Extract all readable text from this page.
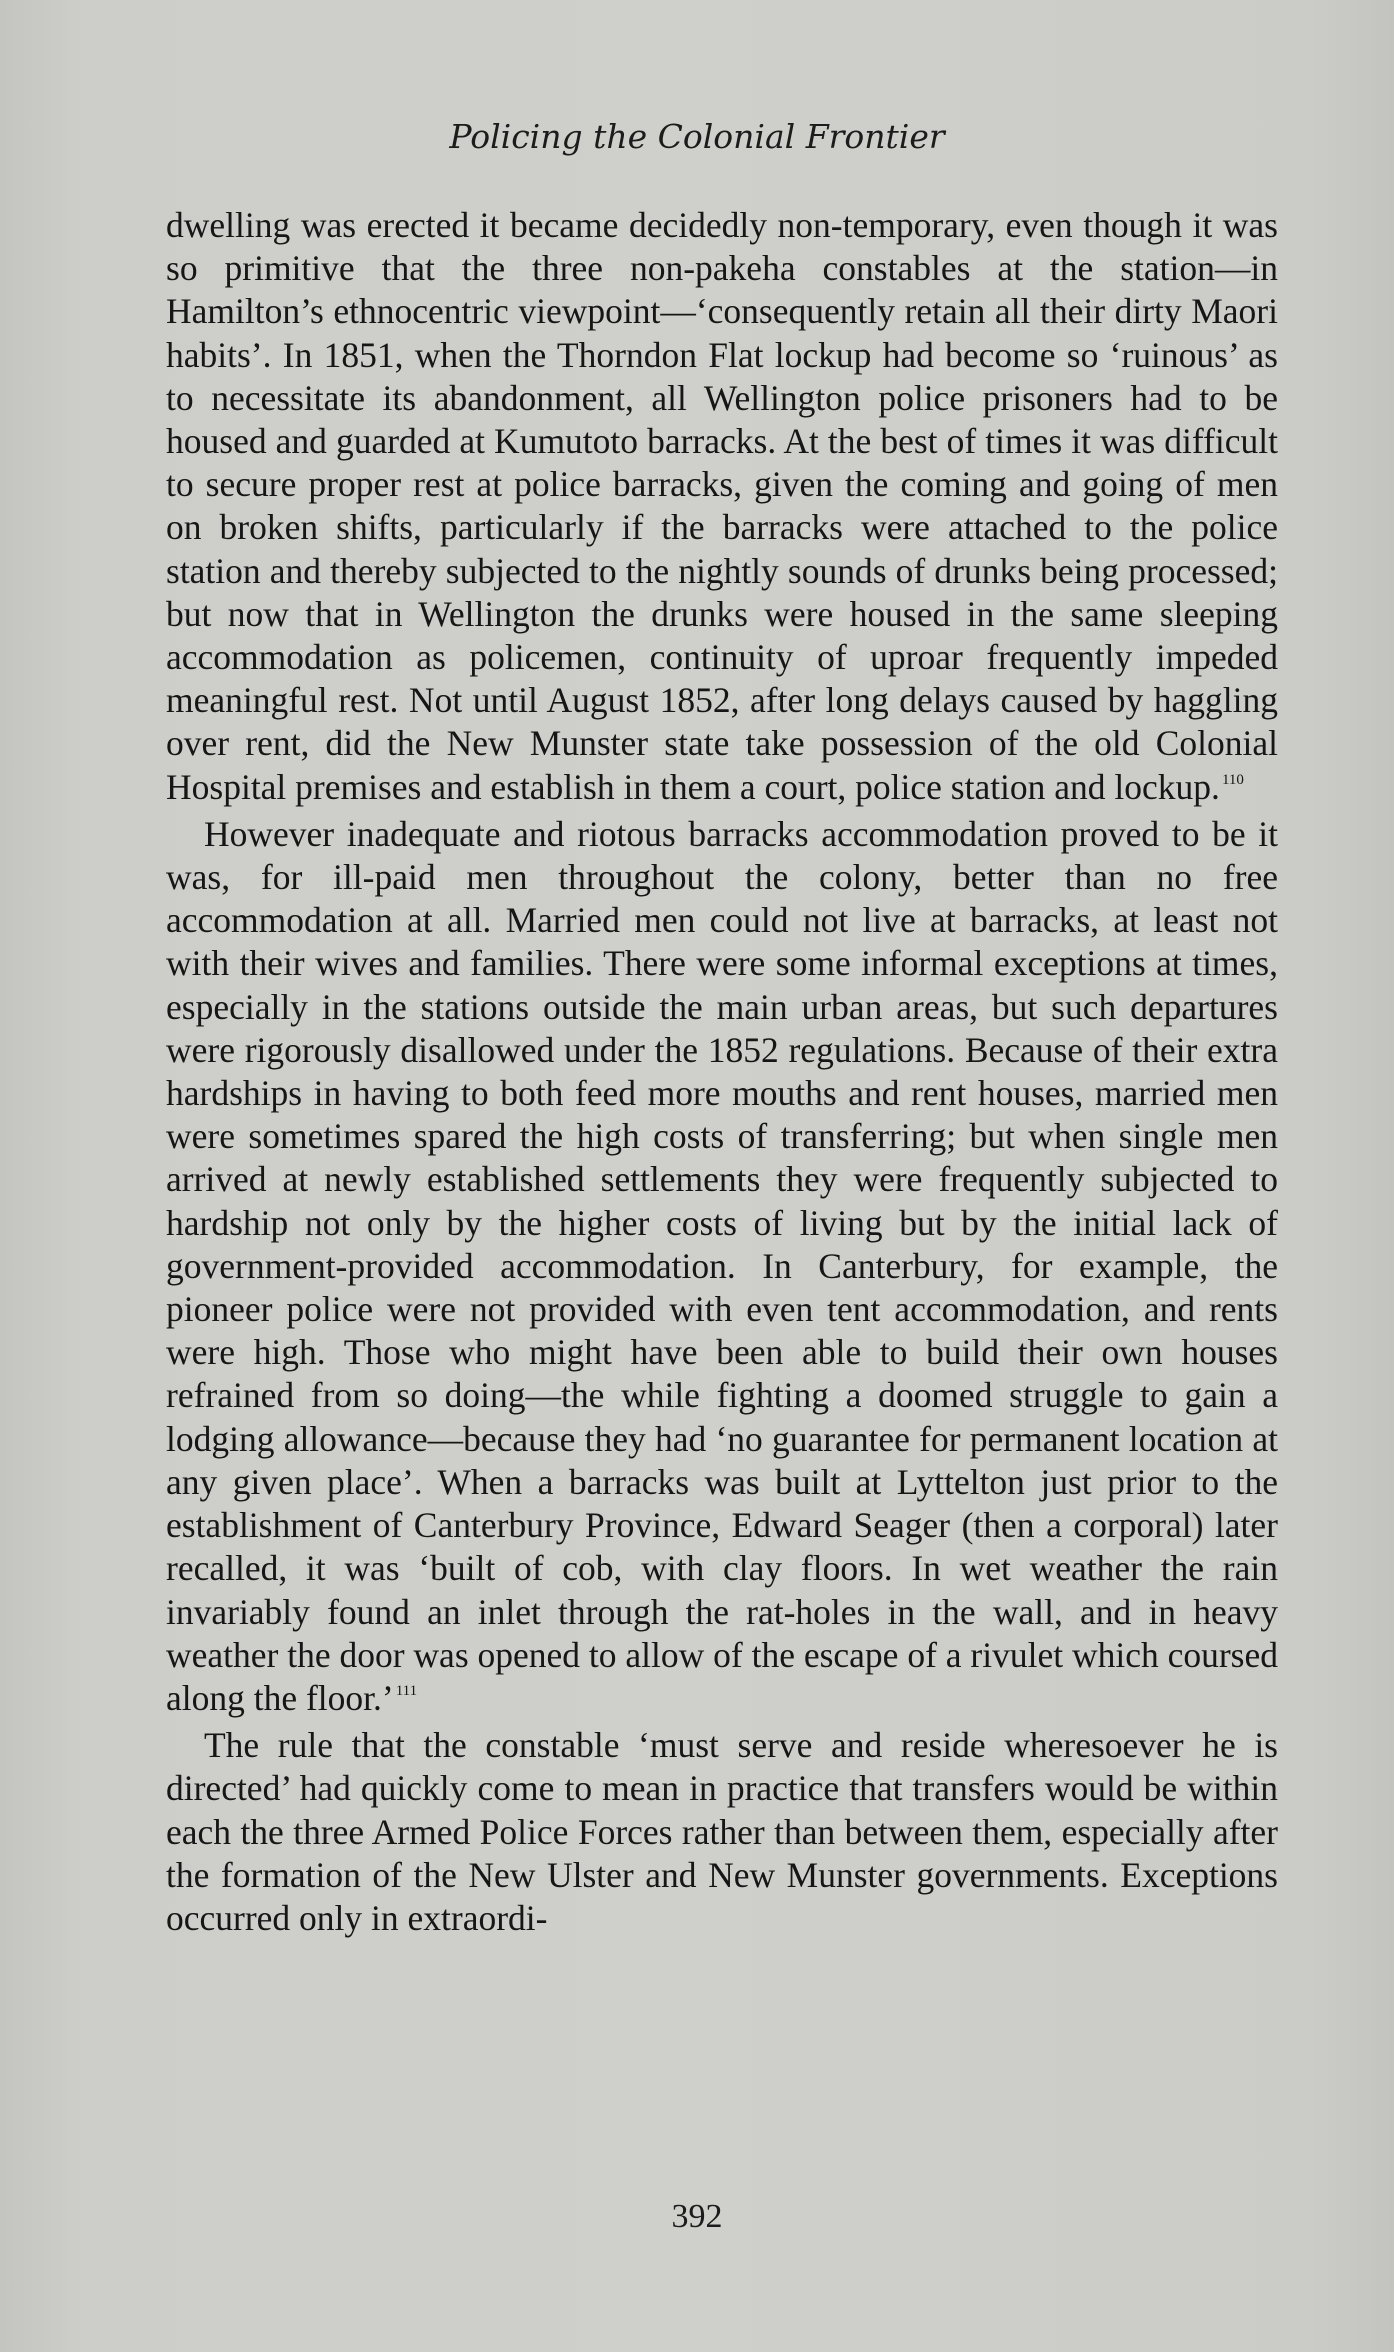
Policing the Colonial Frontier

dwelling was erected it became decidedly non-temporary, even though it was so primitive that the three non-pakeha constables at the station—in Hamilton’s ethnocentric viewpoint—‘consequently retain all their dirty Maori habits’. In 1851, when the Thorndon Flat lockup had become so ‘ruinous’ as to necessitate its abandonment, all Wellington police prisoners had to be housed and guarded at Kumutoto barracks. At the best of times it was difficult to secure proper rest at police barracks, given the coming and going of men on broken shifts, particularly if the barracks were attached to the police station and thereby subjected to the nightly sounds of drunks being processed; but now that in Wellington the drunks were housed in the same sleeping accommodation as policemen, continuity of uproar frequently impeded meaningful rest. Not until August 1852, after long delays caused by haggling over rent, did the New Munster state take possession of the old Colonial Hospital premises and establish in them a court, police station and lockup. $^{110}$

However inadequate and riotous barracks accommodation proved to be it was, for ill-paid men throughout the colony, better than no free accommodation at all. Married men could not live at barracks, at least not with their wives and families. There were some informal exceptions at times, especially in the stations outside the main urban areas, but such departures were rigorously disallowed under the 1852 regulations. Because of their extra hardships in having to both feed more mouths and rent houses, married men were sometimes spared the high costs of transferring; but when single men arrived at newly established settlements they were frequently subjected to hardship not only by the higher costs of living but by the initial lack of government-provided accommodation. In Canterbury, for example, the pioneer police were not provided with even tent accommodation, and rents were high. Those who might have been able to build their own houses refrained from so doing—the while fighting a doomed struggle to gain a lodging allowance—because they had ‘no guarantee for permanent location at any given place’. When a barracks was built at Lyttelton just prior to the establishment of Canterbury Province, Edward Seager (then a corporal) later recalled, it was ‘built of cob, with clay floors. In wet weather the rain invariably found an inlet through the rat-holes in the wall, and in heavy weather the door was opened to allow of the escape of a rivulet which coursed along the floor.’ $^{111}$

The rule that the constable ‘must serve and reside wheresoever he is directed’ had quickly come to mean in practice that transfers would be within each the three Armed Police Forces rather than between them, especially after the formation of the New Ulster and New Munster governments. Exceptions occurred only in extraordi-

392
